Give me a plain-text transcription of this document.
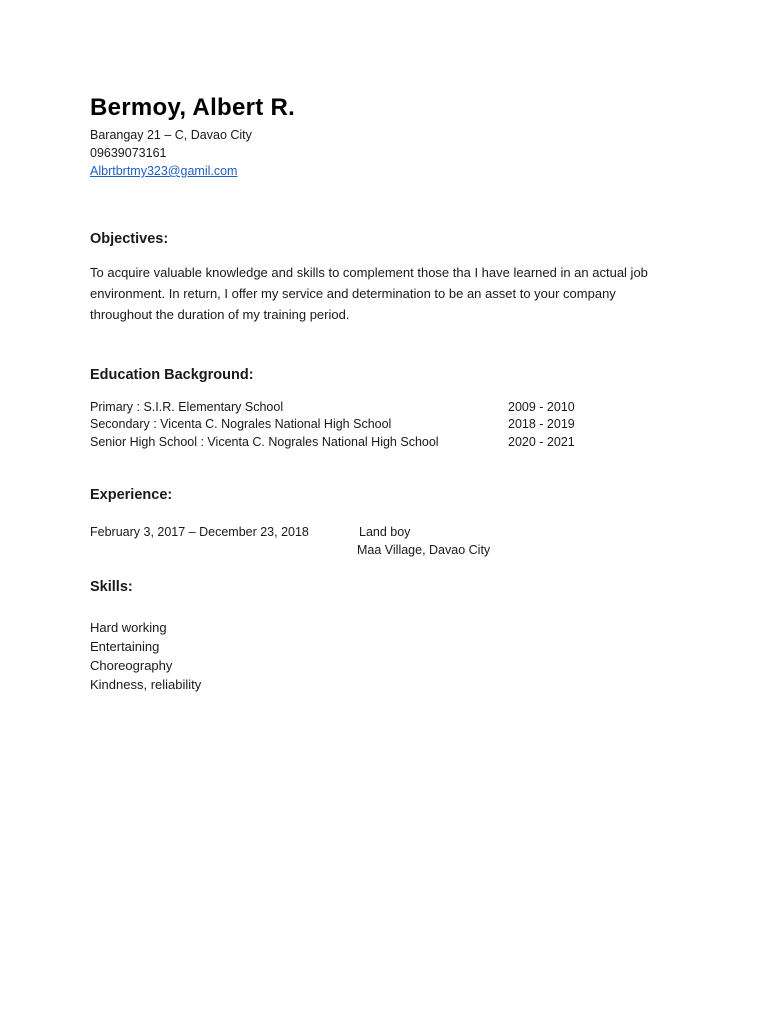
Bermoy, Albert R.
Barangay 21 – C, Davao City
09639073161
Albrtbrtmy323@gamil.com
Objectives:

To acquire valuable knowledge and skills to complement those tha I have learned in an actual job environment. In return, I offer my service and determination to be an asset to your company throughout the duration of my training period.

Education Background:
Primary : S.I.R. Elementary School	2009 - 2010
Secondary : Vicenta C. Nograles National High School	2018 - 2019
Senior High School : Vicenta C. Nograles National High School	2020 - 2021
Experience:
February 3, 2017 – December 23, 2018	Land boy
Maa Village, Davao City
Skills:
Hard working
Entertaining
Choreography
Kindness, reliability
